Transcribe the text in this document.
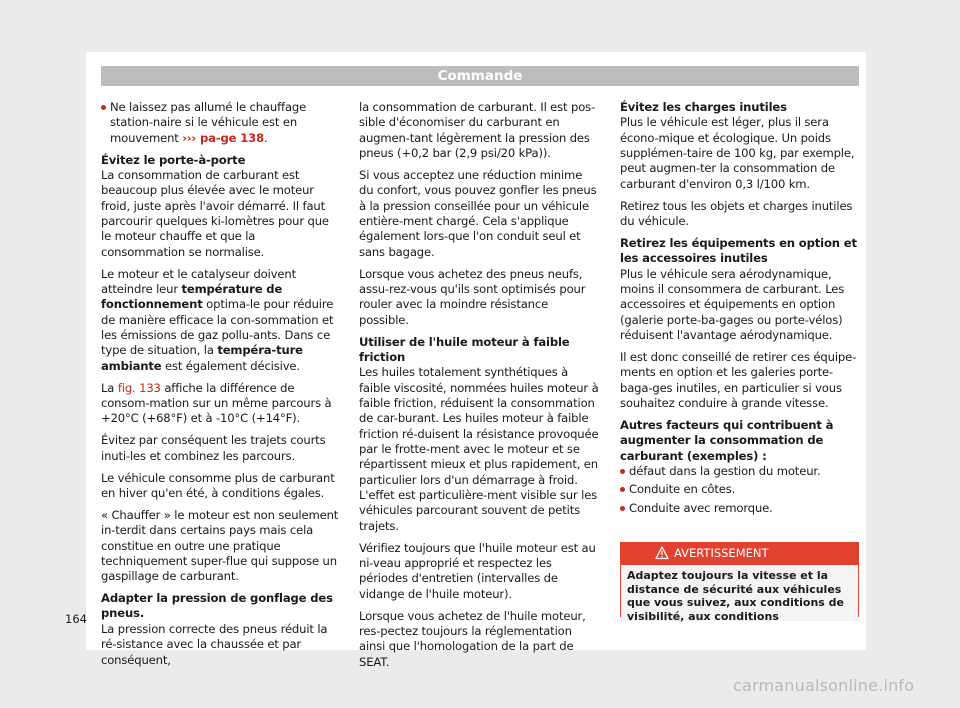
Commande

Ne laissez pas allumé le chauffage station-naire si le véhicule est en mouvement ››› pa-ge 138.

Évitez le porte-à-porte

La consommation de carburant est beaucoup plus élevée avec le moteur froid, juste après l'avoir démarré. Il faut parcourir quelques ki-lomètres pour que le moteur chauffe et que la consommation se normalise.

Le moteur et le catalyseur doivent atteindre leur température de fonctionnement optima-le pour réduire de manière efficace la con-sommation et les émissions de gaz pollu-ants. Dans ce type de situation, la tempéra-ture ambiante est également décisive.

La fig. 133 affiche la différence de consom-mation sur un même parcours à +20°C (+68°F) et à -10°C (+14°F).

Évitez par conséquent les trajets courts inuti-les et combinez les parcours.

Le véhicule consomme plus de carburant en hiver qu'en été, à conditions égales.

« Chauffer » le moteur est non seulement in-terdit dans certains pays mais cela constitue en outre une pratique techniquement super-flue qui suppose un gaspillage de carburant.

Adapter la pression de gonflage des pneus.

La pression correcte des pneus réduit la ré-sistance avec la chaussée et par conséquent,

la consommation de carburant. Il est pos-sible d'économiser du carburant en augmen-tant légèrement la pression des pneus (+0,2 bar (2,9 psi/20 kPa)).

Si vous acceptez une réduction minime du confort, vous pouvez gonfler les pneus à la pression conseillée pour un véhicule entière-ment chargé. Cela s'applique également lors-que l'on conduit seul et sans bagage.

Lorsque vous achetez des pneus neufs, assu-rez-vous qu'ils sont optimisés pour rouler avec la moindre résistance possible.

Utiliser de l'huile moteur à faible friction

Les huiles totalement synthétiques à faible viscosité, nommées huiles moteur à faible friction, réduisent la consommation de car-burant. Les huiles moteur à faible friction ré-duisent la résistance provoquée par le frotte-ment avec le moteur et se répartissent mieux et plus rapidement, en particulier lors d'un démarrage à froid. L'effet est particulière-ment visible sur les véhicules parcourant souvent de petits trajets.

Vérifiez toujours que l'huile moteur est au ni-veau approprié et respectez les périodes d'entretien (intervalles de vidange de l'huile moteur).

Lorsque vous achetez de l'huile moteur, res-pectez toujours la réglementation ainsi que l'homologation de la part de SEAT.

Évitez les charges inutiles

Plus le véhicule est léger, plus il sera écono-mique et écologique. Un poids supplémen-taire de 100 kg, par exemple, peut augmen-ter la consommation de carburant d'environ 0,3 l/100 km.

Retirez tous les objets et charges inutiles du véhicule.

Retirez les équipements en option et les accessoires inutiles

Plus le véhicule sera aérodynamique, moins il consommera de carburant. Les accessoires et équipements en option (galerie porte-ba-gages ou porte-vélos) réduisent l'avantage aérodynamique.

Il est donc conseillé de retirer ces équipe-ments en option et les galeries porte-baga-ges inutiles, en particulier si vous souhaitez conduire à grande vitesse.

Autres facteurs qui contribuent à augmenter la consommation de carburant (exemples) :

défaut dans la gestion du moteur.

Conduite en côtes.

Conduite avec remorque.

AVERTISSEMENT
Adaptez toujours la vitesse et la distance de sécurité aux véhicules que vous suivez, aux conditions de visibilité, aux conditions
164
carmanualsonline.info
